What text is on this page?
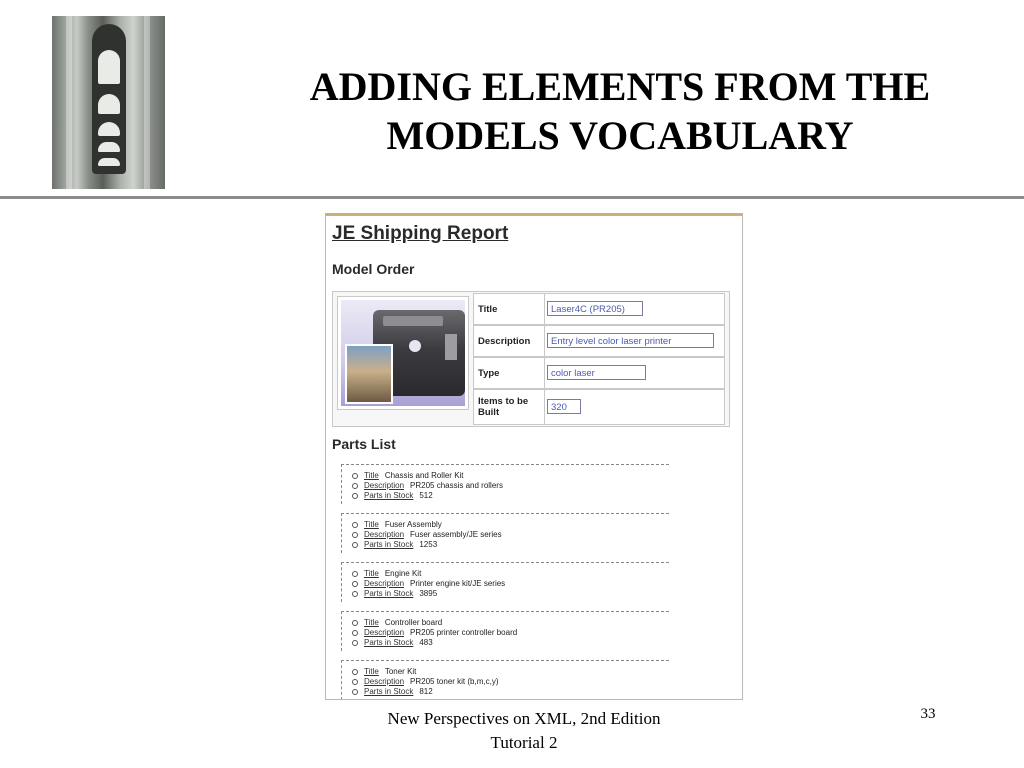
ADDING ELEMENTS FROM THE
MODELS VOCABULARY
JE Shipping Report
Model Order
Title	Laser4C (PR205)
Description	Entry level color laser printer
Type	color laser
Items to be Built	320
Parts List
Title Chassis and Roller Kit
Description PR205 chassis and rollers
Parts in Stock 512
Title Fuser Assembly
Description Fuser assembly/JE series
Parts in Stock 1253
Title Engine Kit
Description Printer engine kit/JE series
Parts in Stock 3895
Title Controller board
Description PR205 printer controller board
Parts in Stock 483
Title Toner Kit
Description PR205 toner kit (b,m,c,y)
Parts in Stock 812
New Perspectives on XML, 2nd Edition
Tutorial 2
33
